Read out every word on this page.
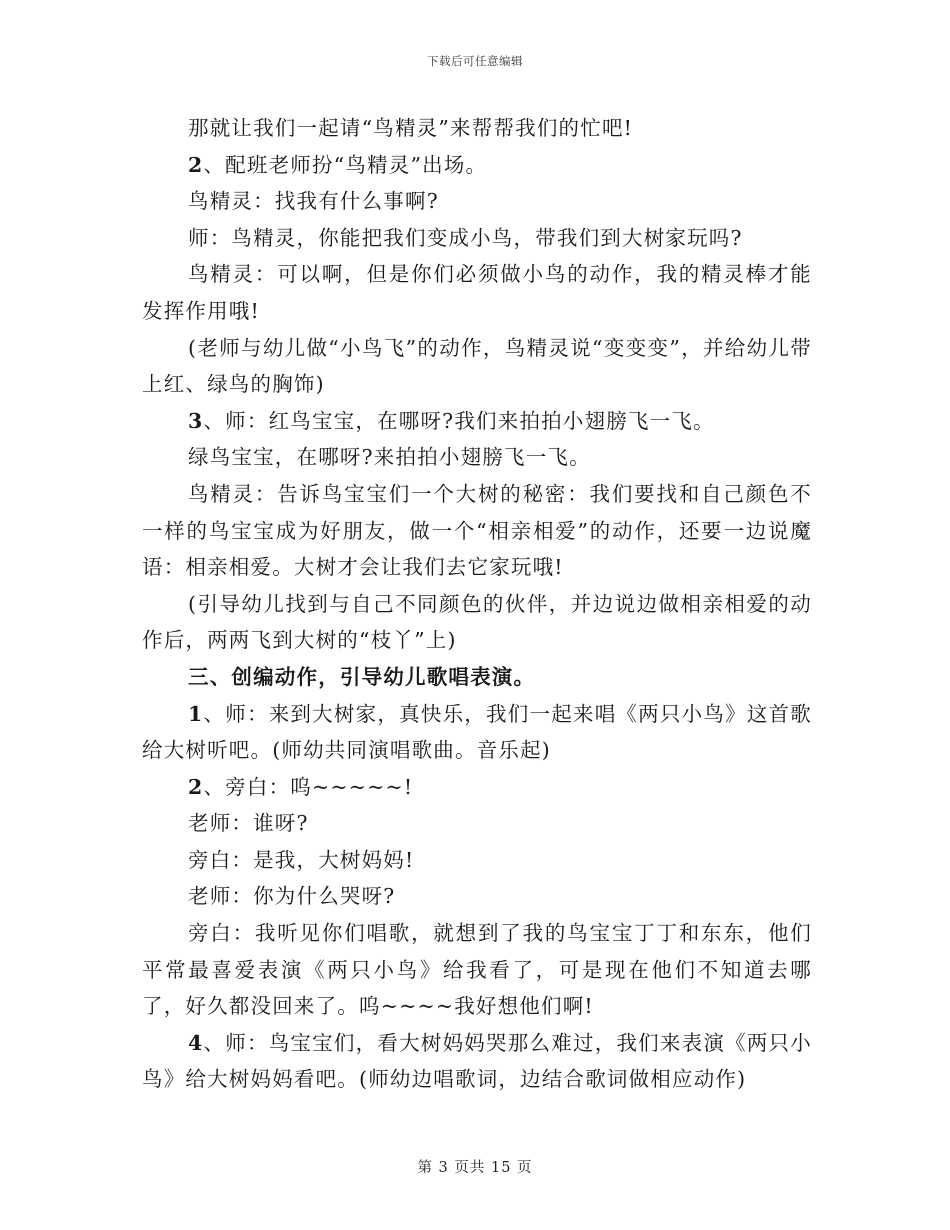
下载后可任意编辑

那就让我们一起请“鸟精灵”来帮帮我们的忙吧!

2、配班老师扮“鸟精灵”出场。

鸟精灵：找我有什么事啊?

师：鸟精灵，你能把我们变成小鸟，带我们到大树家玩吗?

鸟精灵：可以啊，但是你们必须做小鸟的动作，我的精灵棒才能发挥作用哦!

(老师与幼儿做“小鸟飞”的动作，鸟精灵说“变变变”，并给幼儿带上红、绿鸟的胸饰)

3、师：红鸟宝宝，在哪呀?我们来拍拍小翅膀飞一飞。

绿鸟宝宝，在哪呀?来拍拍小翅膀飞一飞。

鸟精灵：告诉鸟宝宝们一个大树的秘密：我们要找和自己颜色不一样的鸟宝宝成为好朋友，做一个“相亲相爱”的动作，还要一边说魔语：相亲相爱。大树才会让我们去它家玩哦!

(引导幼儿找到与自己不同颜色的伙伴，并边说边做相亲相爱的动作后，两两飞到大树的“枝丫”上)

三、创编动作，引导幼儿歌唱表演。

1、师：来到大树家，真快乐，我们一起来唱《两只小鸟》这首歌给大树听吧。(师幼共同演唱歌曲。音乐起)

2、旁白：呜~~~~~!

老师：谁呀?

旁白：是我，大树妈妈!

老师：你为什么哭呀?

旁白：我听见你们唱歌，就想到了我的鸟宝宝丁丁和东东，他们平常最喜爱表演《两只小鸟》给我看了，可是现在他们不知道去哪了，好久都没回来了。呜~~~~我好想他们啊!

4、师：鸟宝宝们，看大树妈妈哭那么难过，我们来表演《两只小鸟》给大树妈妈看吧。(师幼边唱歌词，边结合歌词做相应动作)

第 3 页共 15 页
